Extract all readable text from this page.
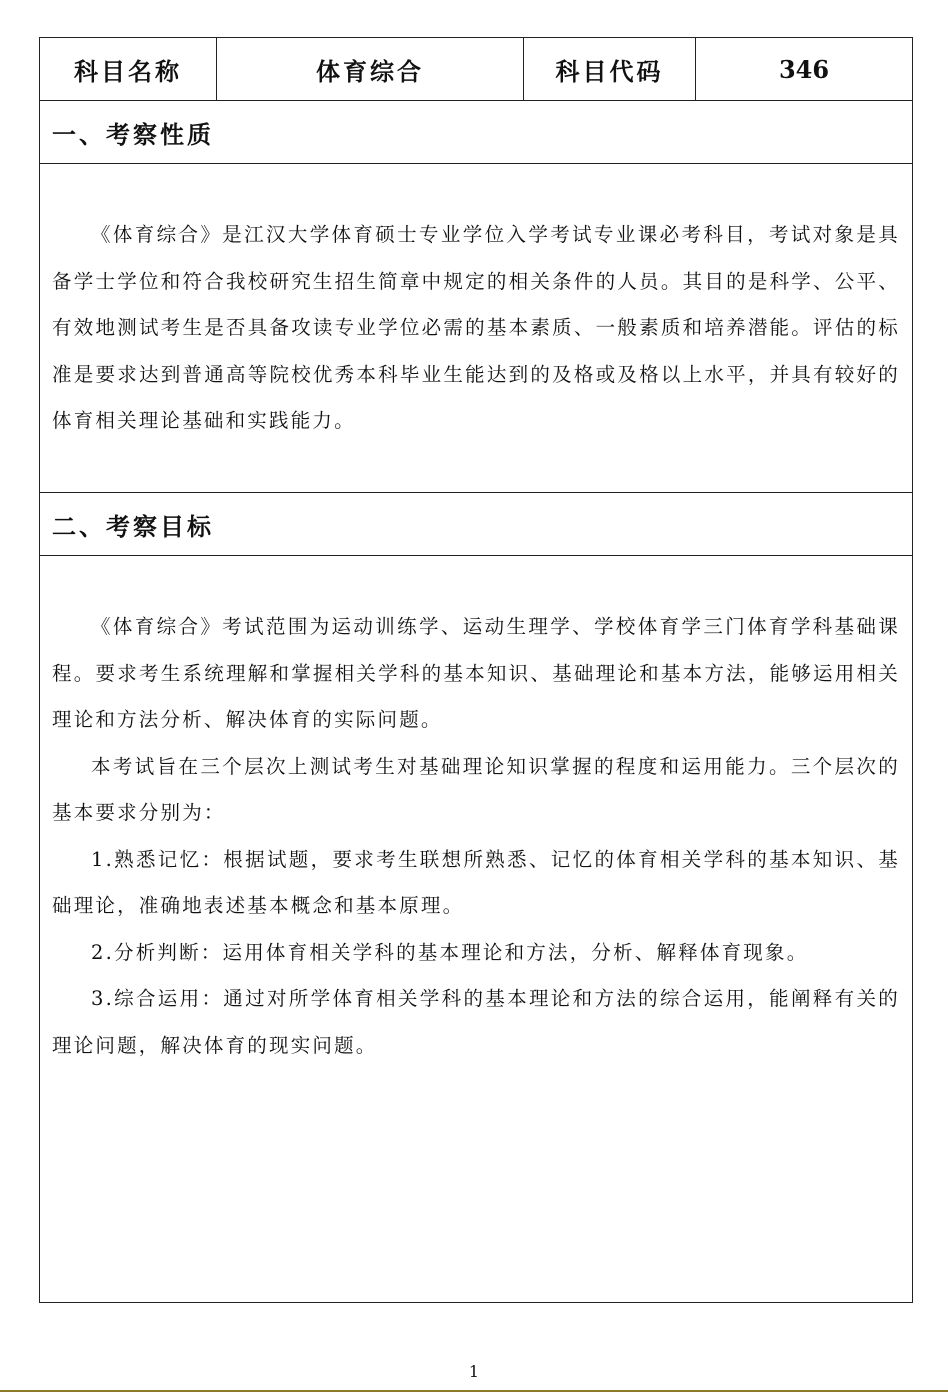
科目名称	体育综合	科目代码	346
一、考察性质

《体育综合》是江汉大学体育硕士专业学位入学考试专业课必考科目，考试对象是具备学士学位和符合我校研究生招生简章中规定的相关条件的人员。其目的是科学、公平、有效地测试考生是否具备攻读专业学位必需的基本素质、一般素质和培养潜能。评估的标准是要求达到普通高等院校优秀本科毕业生能达到的及格或及格以上水平，并具有较好的体育相关理论基础和实践能力。

二、考察目标

《体育综合》考试范围为运动训练学、运动生理学、学校体育学三门体育学科基础课程。要求考生系统理解和掌握相关学科的基本知识、基础理论和基本方法，能够运用相关理论和方法分析、解决体育的实际问题。

本考试旨在三个层次上测试考生对基础理论知识掌握的程度和运用能力。三个层次的基本要求分别为：

1.熟悉记忆：根据试题，要求考生联想所熟悉、记忆的体育相关学科的基本知识、基础理论，准确地表述基本概念和基本原理。

2.分析判断：运用体育相关学科的基本理论和方法，分析、解释体育现象。

3.综合运用：通过对所学体育相关学科的基本理论和方法的综合运用，能阐释有关的理论问题，解决体育的现实问题。

1
